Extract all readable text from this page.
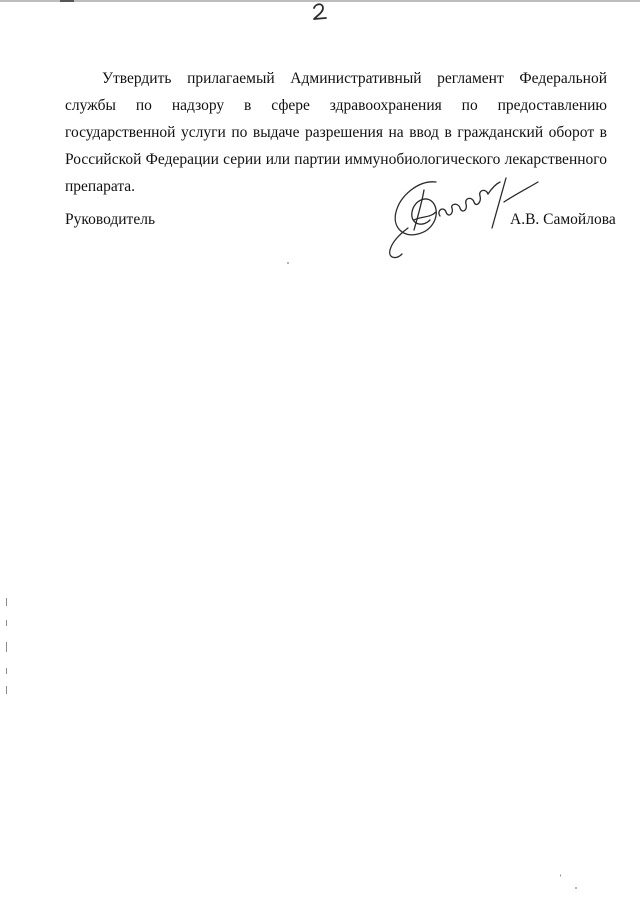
Утвердить прилагаемый Административный регламент Федеральной службы по надзору в сфере здравоохранения по предоставлению государственной услуги по выдаче разрешения на ввод в гражданский оборот в Российской Федерации серии или партии иммунобиологического лекарственного препарата.

Руководитель	А.В. Самойлова
